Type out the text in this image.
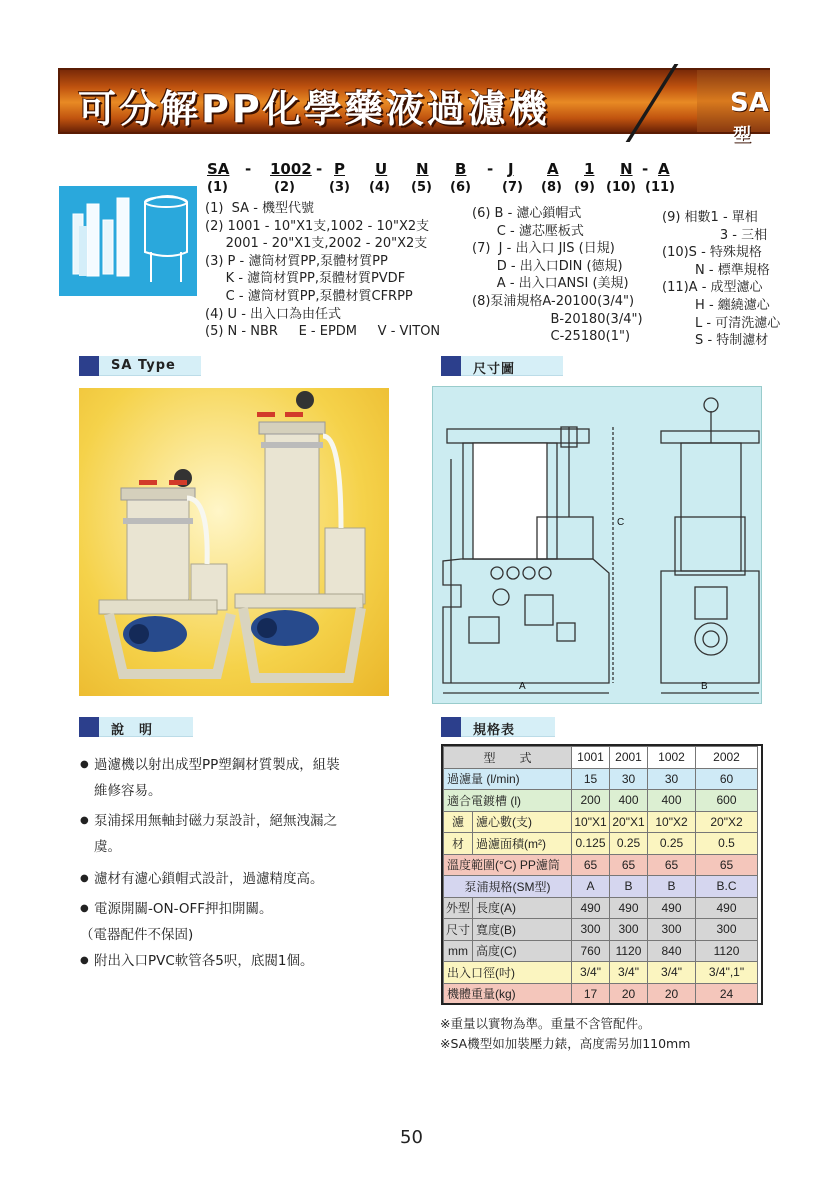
可分解PP化學藥液過濾機	SA型
SA - 1002 - P U N B - J A 1 N - A
(1)	(2)	(3) (4) (5) (6) (7) (8) (9) (10) (11)
(1)  SA - 機型代號
(2) 1001 - 10"X1支,1002 - 10"X2支
2001 - 20"X1支,2002 - 20"X2支
(3) P - 濾筒材質PP,泵體材質PP
K - 濾筒材質PP,泵體材質PVDF
C - 濾筒材質PP,泵體材質CFRPP
(4) U - 出入口為由任式
(5) N - NBR     E - EPDM     V - VITON
(6) B - 濾心鎖帽式
C - 濾芯壓板式
(7)  J - 出入口 JIS (日規)
D - 出入口DIN (德規)
A - 出入口ANSI (美規)
(8)泵浦規格A-20100(3/4")
B-20180(3/4")
C-25180(1")
(9) 相數1 - 單相
3 - 三相
(10)S - 特殊規格
N - 標準規格
(11)A - 成型濾心
H - 纏繞濾心
L - 可清洗濾心
S - 特制濾材
SA Type	尺寸圖
說　明	規格表
A	B
C
● 過濾機以射出成型PP塑鋼材質製成，組裝
維修容易。
● 泵浦採用無軸封磁力泵設計，絕無洩漏之
虞。
● 濾材有濾心鎖帽式設計，過濾精度高。
● 電源開關-ON-OFF押扣開關。
（電器配件不保固)
● 附出入口PVC軟管各5呎，底閥1個。
型　　式		1001	2001	1002	2002
過濾量 (l/min)		15	30	30	60
適合電鍍槽 (l)		200	400	400	600
濾	濾心數(支)	10"X1	20"X1	10"X2	20"X2
材	過濾面積(m²)	0.125	0.25	0.25	0.5
溫度範圍(°C) PP濾筒		65	65	65	65
泵浦規格(SM型)		A	B	B	B.C
外型	長度(A)	490	490	490	490
尺寸	寬度(B)	300	300	300	300
mm	高度(C)	760	1120	840	1120
出入口徑(吋)		3/4"	3/4"	3/4"	3/4",1"
機體重量(kg)		17	20	20	24
※重量以實物為準。重量不含管配件。
※SA機型如加裝壓力錶，高度需另加110mm
50
